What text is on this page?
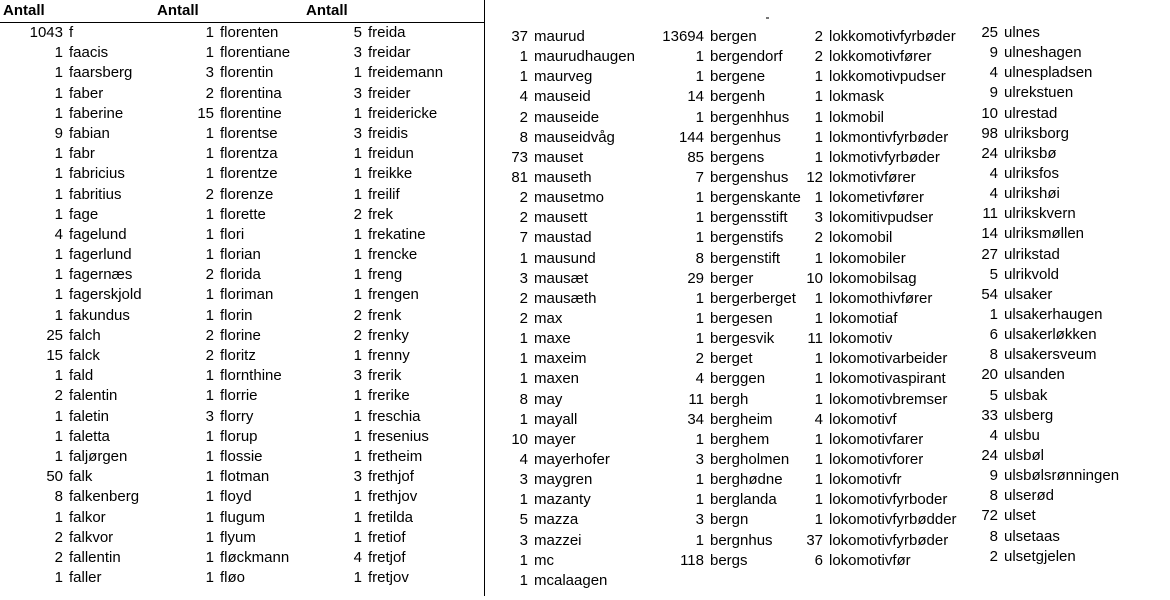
Antall	Antall	Antall
1043 f
1 faacis
1 faarsberg
1 faber
1 faberine
9 fabian
1 fabr
1 fabricius
1 fabritius
1 fage
4 fagelund
1 fagerlund
1 fagernæs
1 fagerskjold
1 fakundus
25 falch
15 falck
1 fald
2 falentin
1 faletin
1 faletta
1 faljørgen
50 falk
8 falkenberg
1 falkor
2 falkvor
2 fallentin
1 faller
1 florenten
1 florentiane
3 florentin
2 florentina
15 florentine
1 florentse
1 florentza
1 florentze
2 florenze
1 florette
1 flori
1 florian
2 florida
1 floriman
1 florin
2 florine
2 floritz
1 flornthine
1 florrie
3 florry
1 florup
1 flossie
1 flotman
1 floyd
1 flugum
1 flyum
1 fløckmann
1 fløo
5 freida
3 freidar
1 freidemann
3 freider
1 freidericke
3 freidis
1 freidun
1 freikke
1 freilif
2 frek
1 frekatine
1 frencke
1 freng
1 frengen
2 frenk
2 frenky
1 frenny
3 frerik
1 frerike
1 freschia
1 fresenius
1 fretheim
3 frethjof
1 frethjov
1 fretilda
1 fretiof
4 fretjof
1 fretjov
37 maurud
1 maurudhaugen
1 maurveg
4 mauseid
2 mauseide
8 mauseidvåg
73 mauset
81 mauseth
2 mausetmo
2 mausett
7 maustad
1 mausund
3 mausæt
2 mausæth
2 max
1 maxe
1 maxeim
1 maxen
8 may
1 mayall
10 mayer
4 mayerhofer
3 maygren
1 mazanty
5 mazza
3 mazzei
1 mc
1 mcalaagen
13694 bergen
1 bergendorf
1 bergene
14 bergenh
1 bergenhhus
144 bergenhus
85 bergens
7 bergenshus
1 bergenskante
1 bergensstift
1 bergenstifs
8 bergenstift
29 berger
1 bergerberget
1 bergesen
1 bergesvik
2 berget
4 berggen
11 bergh
34 bergheim
1 berghem
3 bergholmen
1 berghødne
1 berglanda
3 bergn
1 bergnhus
118 bergs
2 lokkomotivfyrbøder
2 lokkomotivfører
1 lokkomotivpudser
1 lokmask
1 lokmobil
1 lokmontivfyrbøder
1 lokmotivfyrbøder
12 lokmotivfører
1 lokometivfører
3 lokomitivpudser
2 lokomobil
1 lokomobiler
10 lokomobilsag
1 lokomothivfører
1 lokomotiaf
11 lokomotiv
1 lokomotivarbeider
1 lokomotivaspirant
1 lokomotivbremser
4 lokomotivf
1 lokomotivfarer
1 lokomotivforer
1 lokomotivfr
1 lokomotivfyrboder
1 lokomotivfyrbødder
37 lokomotivfyrbøder
6 lokomotivfør
25 ulnes
9 ulneshagen
4 ulnespladsen
9 ulrekstuen
10 ulrestad
98 ulriksborg
24 ulriksbø
4 ulriksfos
4 ulrikshøi
11 ulrikskvern
14 ulriksmøllen
27 ulrikstad
5 ulrikvold
54 ulsaker
1 ulsakerhaugen
6 ulsakerløkken
8 ulsakersveum
20 ulsanden
5 ulsbak
33 ulsberg
4 ulsbu
24 ulsbøl
9 ulsbølsrønningen
8 ulserød
72 ulset
8 ulsetaas
2 ulsetgjelen
